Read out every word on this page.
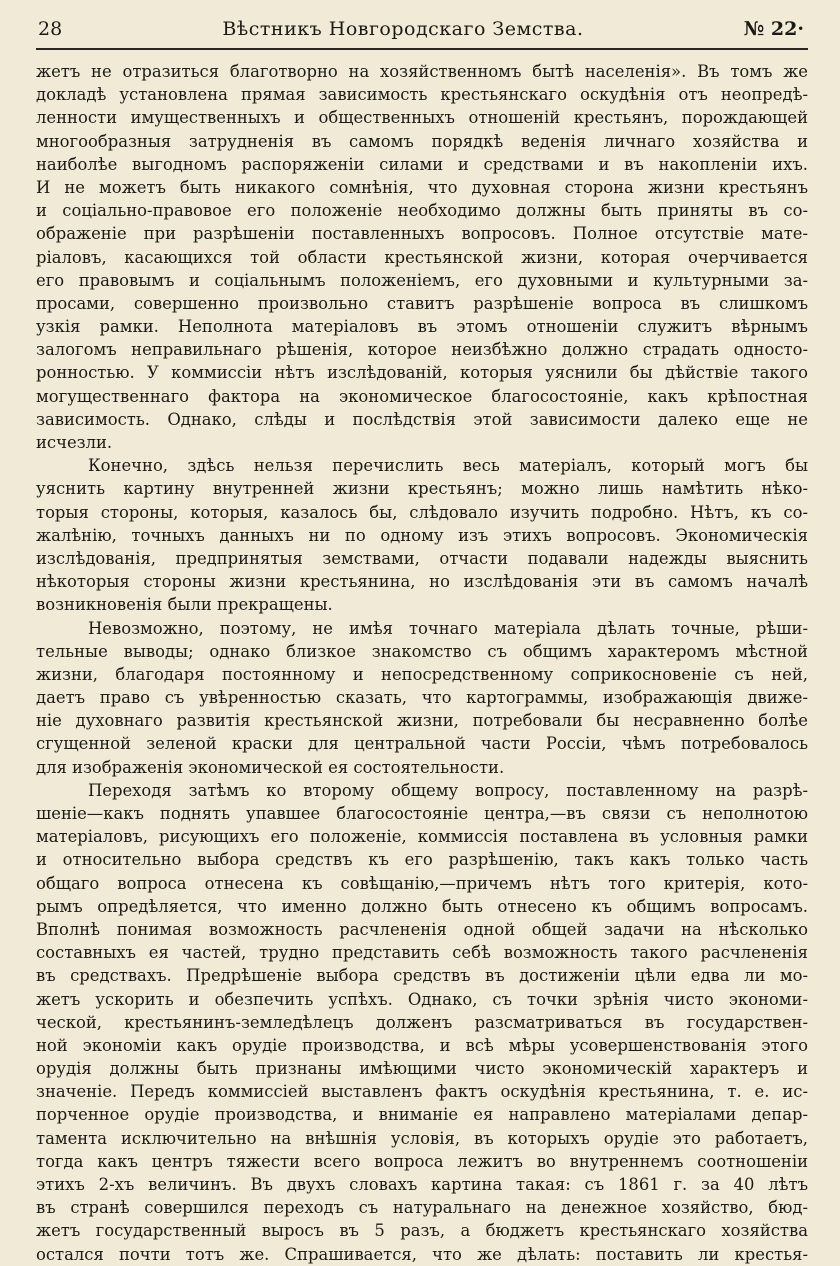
28	Вѣстникъ Новгородскаго Земства.	№ 22·
жетъ не отразиться благотворно на хозяйственномъ бытѣ населенія». Въ томъ же
докладѣ установлена прямая зависимость крестьянскаго оскудѣнія отъ неопредѣ-
ленности имущественныхъ и общественныхъ отношеній крестьянъ, порождающей
многообразныя затрудненія въ самомъ порядкѣ веденія личнаго хозяйства и
наиболѣе выгодномъ распоряженіи силами и средствами и въ накопленіи ихъ.
И не можетъ быть никакого сомнѣнія, что духовная сторона жизни крестьянъ
и соціально-правовое его положеніе необходимо должны быть приняты въ со-
ображеніе при разрѣшеніи поставленныхъ вопросовъ. Полное отсутствіе мате-
ріаловъ, касающихся той области крестьянской жизни, которая очерчивается
его правовымъ и соціальнымъ положеніемъ, его духовными и культурными за-
просами, совершенно произвольно ставитъ разрѣшеніе вопроса въ слишкомъ
узкія рамки. Неполнота матеріаловъ въ этомъ отношеніи служитъ вѣрнымъ
залогомъ неправильнаго рѣшенія, которое неизбѣжно должно страдать односто-
ронностью. У коммиссіи нѣтъ изслѣдованій, которыя уяснили бы дѣйствіе такого
могущественнаго фактора на экономическое благосостояніе, какъ крѣпостная
зависимость. Однако, слѣды и послѣдствія этой зависимости далеко еще не
исчезли.
Конечно, здѣсь нельзя перечислить весь матеріалъ, который могъ бы
уяснить картину внутренней жизни крестьянъ; можно лишь намѣтить нѣко-
торыя стороны, которыя, казалось бы, слѣдовало изучить подробно. Нѣтъ, къ со-
жалѣнію, точныхъ данныхъ ни по одному изъ этихъ вопросовъ. Экономическія
изслѣдованія, предпринятыя земствами, отчасти подавали надежды выяснить
нѣкоторыя стороны жизни крестьянина, но изслѣдованія эти въ самомъ началѣ
возникновенія были прекращены.
Невозможно, поэтому, не имѣя точнаго матеріала дѣлать точные, рѣши-
тельные выводы; однако близкое знакомство съ общимъ характеромъ мѣстной
жизни, благодаря постоянному и непосредственному соприкосновеніе съ ней,
даетъ право съ увѣренностью сказать, что картограммы, изображающія движе-
ніе духовнаго развитія крестьянской жизни, потребовали бы несравненно болѣе
сгущенной зеленой краски для центральной части Россіи, чѣмъ потребовалось
для изображенія экономической ея состоятельности.
Переходя затѣмъ ко второму общему вопросу, поставленному на разрѣ-
шеніе—какъ поднять упавшее благосостояніе центра,—въ связи съ неполнотою
матеріаловъ, рисующихъ его положеніе, коммиссія поставлена въ условныя рамки
и относительно выбора средствъ къ его разрѣшенію, такъ какъ только часть
общаго вопроса отнесена къ совѣщанію,—причемъ нѣтъ того критерія, кото-
рымъ опредѣляется, что именно должно быть отнесено къ общимъ вопросамъ.
Вполнѣ понимая возможность расчлененія одной общей задачи на нѣсколько
составныхъ ея частей, трудно представить себѣ возможность такого расчлененія
въ средствахъ. Предрѣшеніе выбора средствъ въ достиженіи цѣли едва ли мо-
жетъ ускорить и обезпечить успѣхъ. Однако, съ точки зрѣнія чисто экономи-
ческой, крестьянинъ-земледѣлецъ долженъ разсматриваться въ государствен-
ной экономіи какъ орудіе производства, и всѣ мѣры усовершенствованія этого
орудія должны быть признаны имѣющими чисто экономическій характеръ и
значеніе. Передъ коммиссіей выставленъ фактъ оскудѣнія крестьянина, т. е. ис-
порченное орудіе производства, и вниманіе ея направлено матеріалами депар-
тамента исключительно на внѣшнія условія, въ которыхъ орудіе это работаетъ,
тогда какъ центръ тяжести всего вопроса лежитъ во внутреннемъ соотношеніи
этихъ 2-хъ величинъ. Въ двухъ словахъ картина такая: съ 1861 г. за 40 лѣтъ
въ странѣ совершился переходъ съ натуральнаго на денежное хозяйство, бюд-
жетъ государственный выросъ въ 5 разъ, а бюджетъ крестьянскаго хозяйства
остался почти тотъ же. Спрашивается, что же дѣлать: поставить ли крестья-
